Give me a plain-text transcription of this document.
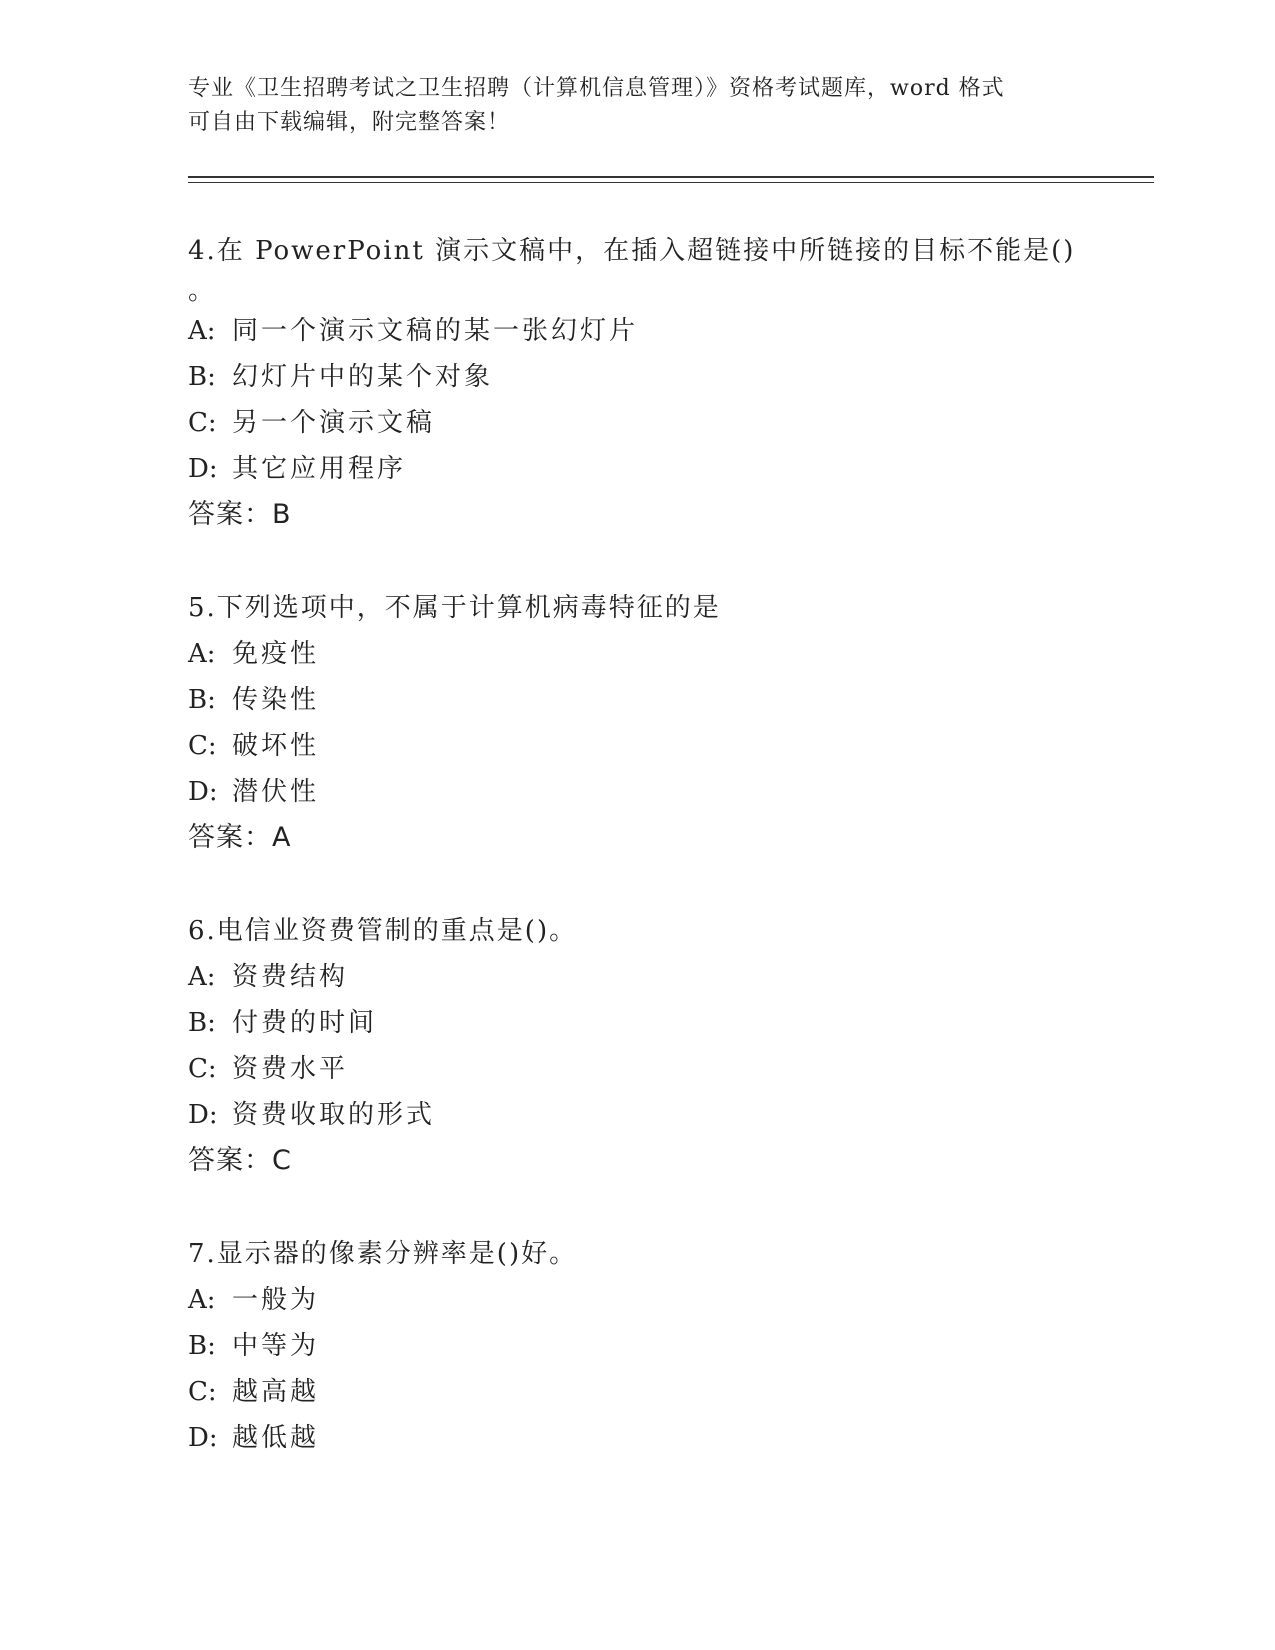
专业《卫生招聘考试之卫生招聘（计算机信息管理）》资格考试题库，word 格式
可自由下载编辑，附完整答案！
4.在 PowerPoint 演示文稿中，在插入超链接中所链接的目标不能是()
。
A: 同一个演示文稿的某一张幻灯片
B: 幻灯片中的某个对象
C: 另一个演示文稿
D: 其它应用程序
答案：B
5.下列选项中，不属于计算机病毒特征的是
A: 免疫性
B: 传染性
C: 破坏性
D: 潜伏性
答案：A
6.电信业资费管制的重点是()。
A: 资费结构
B: 付费的时间
C: 资费水平
D: 资费收取的形式
答案：C
7.显示器的像素分辨率是()好。
A: 一般为
B: 中等为
C: 越高越
D: 越低越
